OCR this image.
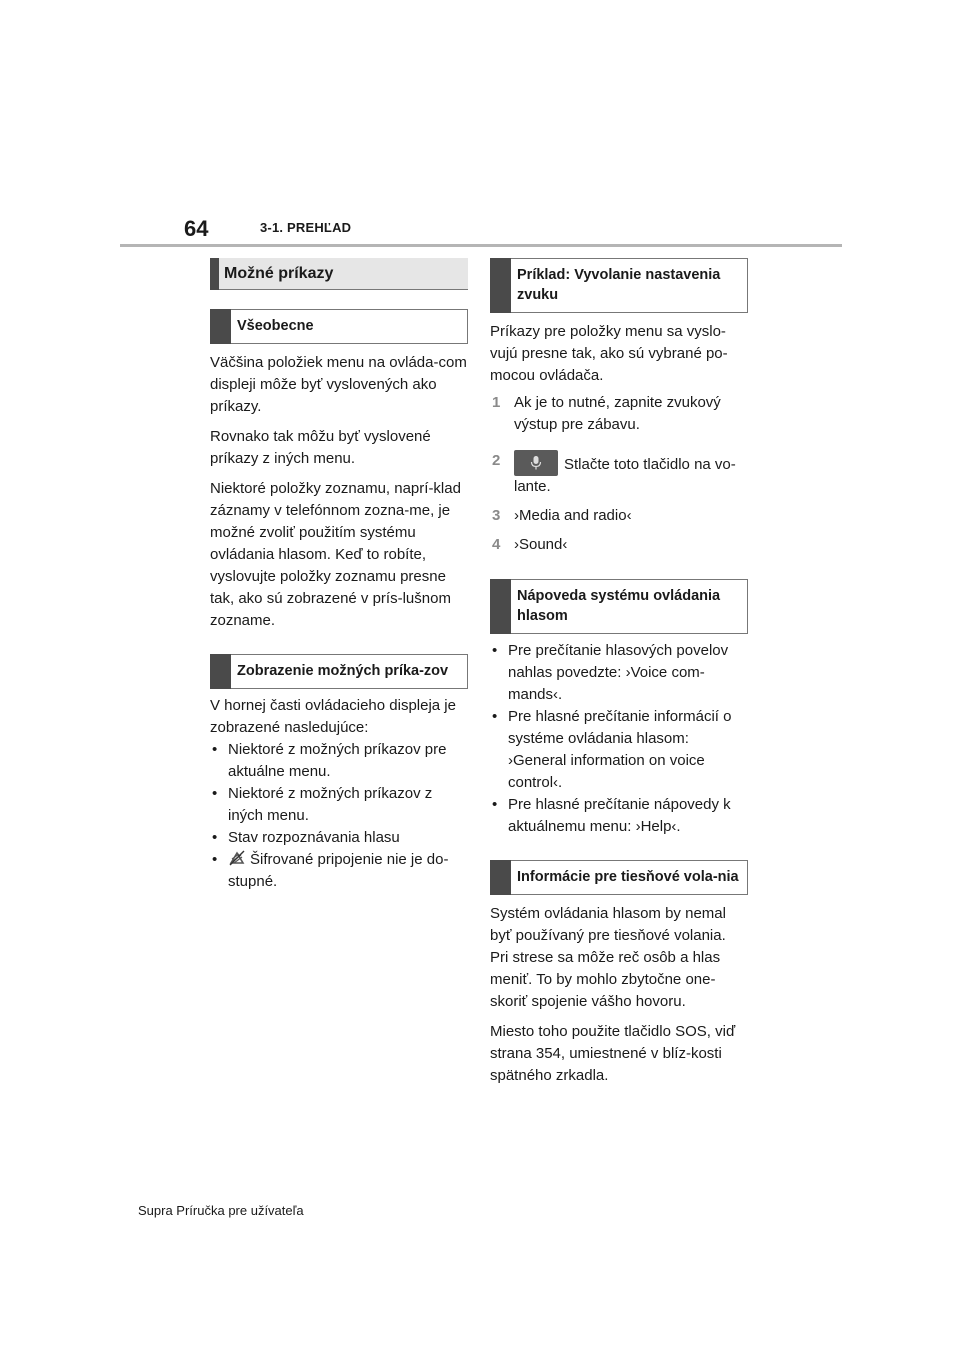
64	3-1. PREHĽAD
Možné príkazy
Všeobecne

Väčšina položiek menu na ovláda-com displeji môže byť vyslovených ako príkazy.

Rovnako tak môžu byť vyslovené príkazy z iných menu.

Niektoré položky zoznamu, naprí-klad záznamy v telefónnom zozna-me, je možné zvoliť použitím systému ovládania hlasom. Keď to robíte, vyslovujte položky zoznamu presne tak, ako sú zobrazené v prís-lušnom zozname.

Zobrazenie možných príka-zov

V hornej časti ovládacieho displeja je zobrazené nasledujúce:

• Niektoré z možných príkazov pre aktuálne menu.
• Niektoré z možných príkazov z iných menu.
• Stav rozpoznávania hlasu
• Šifrované pripojenie nie je do-stupné.
Príklad: Vyvolanie nastavenia zvuku

Príkazy pre položky menu sa vyslo-vujú presne tak, ako sú vybrané po-mocou ovládača.

1 Ak je to nutné, zapnite zvukový výstup pre zábavu.
2	Stlačte toto tlačidlo na vo-lante.
3 ›Media and radio‹
4 ›Sound‹
Nápoveda systému ovládania hlasom
• Pre prečítanie hlasových povelov nahlas povedzte: ›Voice com-mands‹.
• Pre hlasné prečítanie informácií o systéme ovládania hlasom: ›General information on voice control‹.
• Pre hlasné prečítanie nápovedy k aktuálnemu menu: ›Help‹.
Informácie pre tiesňové vola-nia

Systém ovládania hlasom by nemal byť používaný pre tiesňové volania. Pri strese sa môže reč osôb a hlas meniť. To by mohlo zbytočne one-skoriť spojenie vášho hovoru.

Miesto toho použite tlačidlo SOS, viď strana 354, umiestnené v blíz-kosti spätného zrkadla.

Supra Príručka pre užívateľa
